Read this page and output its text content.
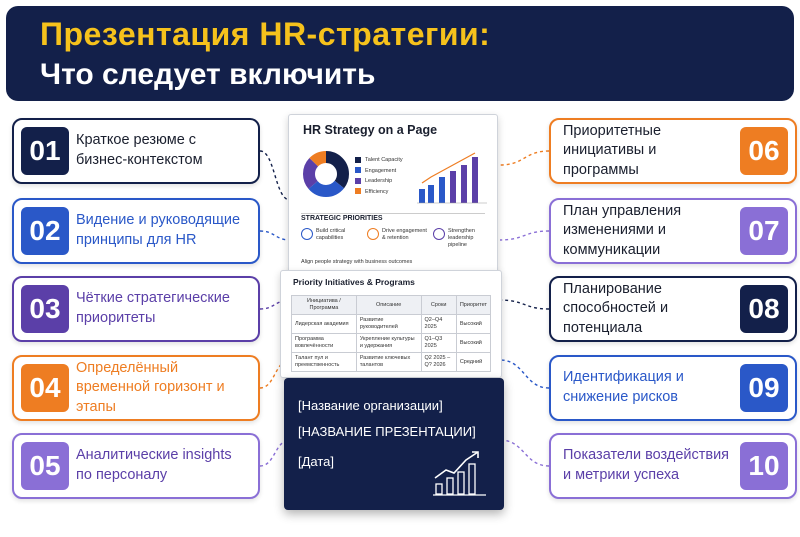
Презентация HR-стратегии:
Что следует включить
01	Краткое резюме с бизнес-контекстом
02	Видение и руководящие принципы для HR
03	Чёткие стратегические приоритеты
04
Определённый временной горизонт и этапы
05	Аналитические insights по персоналу
06
Приоритетные инициативы и программы
07
План управления изменениями и коммуникации
08
Планирование способностей и потенциала
09
Идентификация и снижение рисков
10
Показатели воздействия и метрики успеха
HR Strategy on a Page
Talent Capacity
Engagement
Leadership
Efficiency
STRATEGIC PRIORITIES
Build critical capabilities
Drive engagement & retention
Strengthen leadership pipeline
Align people strategy with business outcomes
Priority Initiatives & Programs
Инициатива / Программа	Описание	Сроки	Приоритет
Лидерская академия	Развитие руководителей	Q2–Q4 2025	Высокий
Программа вовлечённости	Укрепление культуры и удержания	Q1–Q3 2025	Высокий
Талант пул и преемственность	Развитие ключевых талантов	Q2 2025 – Q? 2026	Средний
[Название организации]
[НАЗВАНИЕ ПРЕЗЕНТАЦИИ]
[Дата]
